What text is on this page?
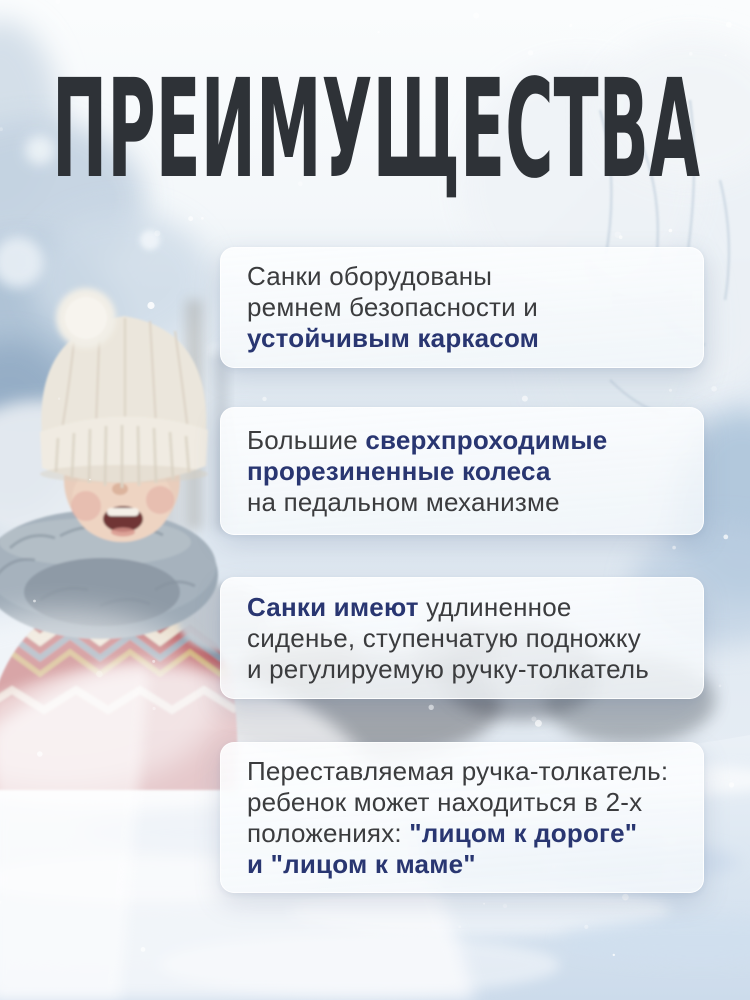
ПРЕИМУЩЕСТВА
Санки оборудованы
ремнем безопасности и
устойчивым каркасом
Большие сверхпроходимые
прорезиненные колеса
на педальном механизме
Санки имеют удлиненное
сиденье, ступенчатую подножку
и регулируемую ручку-толкатель
Переставляемая ручка-толкатель:
ребенок может находиться в 2-х
положениях: "лицом к дороге"
и "лицом к маме"
